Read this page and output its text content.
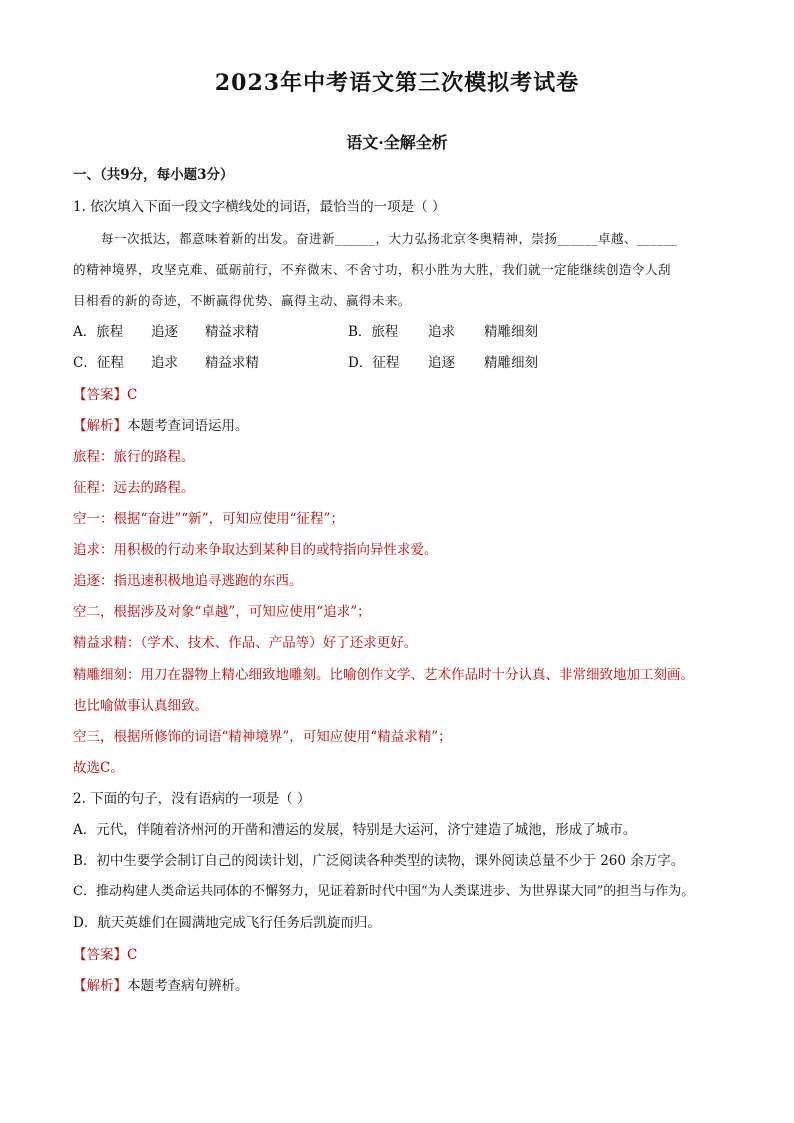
2023年中考语文第三次模拟考试卷
语文·全解全析
一、（共9分，每小题3分）
1. 依次填入下面一段文字横线处的词语，最恰当的一项是（ ）
每一次抵达，都意味着新的出发。奋进新______，大力弘扬北京冬奥精神，崇扬______卓越、______
的精神境界，攻坚克难、砥砺前行，不弃微末、不舍寸功，积小胜为大胜，我们就一定能继续创造令人刮
目相看的新的奇迹，不断赢得优势、赢得主动、赢得未来。
A．旅程 追逐 精益求精	B．旅程 追求 精雕细刻
C．征程 追求 精益求精	D．征程 追逐 精雕细刻
【答案】C
【解析】本题考查词语运用。
旅程：旅行的路程。
征程：远去的路程。
空一：根据“奋进”“新”，可知应使用“征程”；
追求：用积极的行动来争取达到某种目的或特指向异性求爱。
追逐：指迅速积极地追寻逃跑的东西。
空二，根据涉及对象“卓越”，可知应使用“追求”；
精益求精：（学术、技术、作品、产品等）好了还求更好。
精雕细刻：用刀在器物上精心细致地雕刻。比喻创作文学、艺术作品时十分认真、非常细致地加工刻画。
也比喻做事认真细致。
空三，根据所修饰的词语“精神境界”，可知应使用“精益求精”；
故选C。
2. 下面的句子，没有语病的一项是（ ）
A．元代，伴随着济州河的开凿和漕运的发展，特别是大运河，济宁建造了城池，形成了城市。
B．初中生要学会制订自己的阅读计划，广泛阅读各种类型的读物，课外阅读总量不少于 260 余万字。
C．推动构建人类命运共同体的不懈努力，见证着新时代中国“为人类谋进步、为世界谋大同”的担当与作为。
D．航天英雄们在圆满地完成飞行任务后凯旋而归。
【答案】C
【解析】本题考查病句辨析。
